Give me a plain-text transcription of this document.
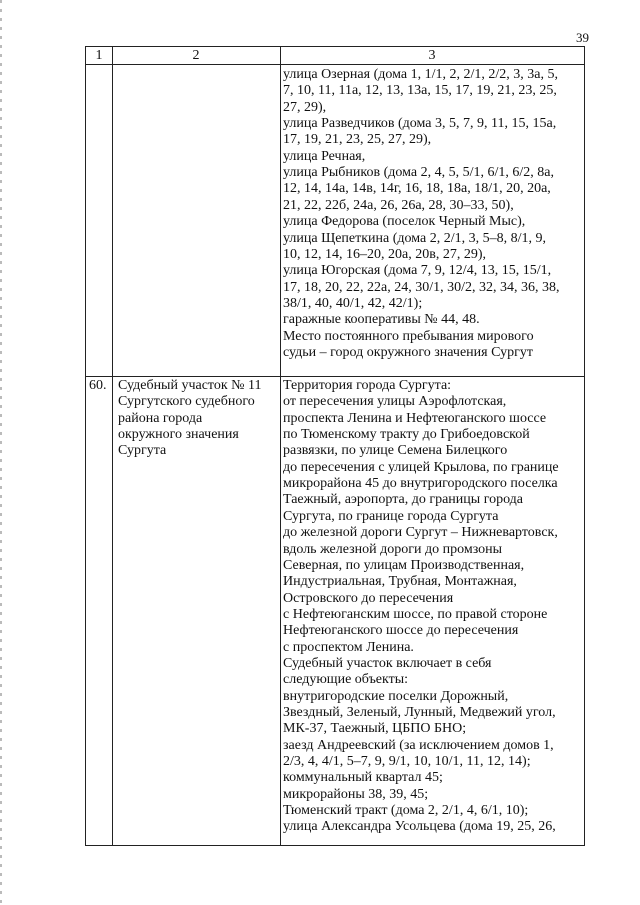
39
1	2	3
улица Озерная (дома 1, 1/1, 2, 2/1, 2/2, 3, 3а, 5,
7, 10, 11, 11а, 12, 13, 13а, 15, 17, 19, 21, 23, 25,
27, 29),
улица Разведчиков (дома 3, 5, 7, 9, 11, 15, 15а,
17, 19, 21, 23, 25, 27, 29),
улица Речная,
улица Рыбников (дома 2, 4, 5, 5/1, 6/1, 6/2, 8а,
12, 14, 14а, 14в, 14г, 16, 18, 18а, 18/1, 20, 20а,
21, 22, 22б, 24а, 26, 26а, 28, 30–33, 50),
улица Федорова (поселок Черный Мыс),
улица Щепеткина (дома 2, 2/1, 3, 5–8, 8/1, 9,
10, 12, 14, 16–20, 20а, 20в, 27, 29),
улица Югорская (дома 7, 9, 12/4, 13, 15, 15/1,
17, 18, 20, 22, 22а, 24, 30/1, 30/2, 32, 34, 36, 38,
38/1, 40, 40/1, 42, 42/1);
гаражные кооперативы № 44, 48.
Место постоянного пребывания мирового
судьи – город окружного значения Сургут
60. Судебный участок № 11
Сургутского судебного
района города
окружного значения
Сургута
Территория города Сургута:
от пересечения улицы Аэрофлотская,
проспекта Ленина и Нефтеюганского шоссе
по Тюменскому тракту до Грибоедовской
развязки, по улице Семена Билецкого
до пересечения с улицей Крылова, по границе
микрорайона 45 до внутригородского поселка
Таежный, аэропорта, до границы города
Сургута, по границе города Сургута
до железной дороги Сургут – Нижневартовск,
вдоль железной дороги до промзоны
Северная, по улицам Производственная,
Индустриальная, Трубная, Монтажная,
Островского до пересечения
с Нефтеюганским шоссе, по правой стороне
Нефтеюганского шоссе до пересечения
с проспектом Ленина.
Судебный участок включает в себя
следующие объекты:
внутригородские поселки Дорожный,
Звездный, Зеленый, Лунный, Медвежий угол,
МК-37, Таежный, ЦБПО БНО;
заезд Андреевский (за исключением домов 1,
2/3, 4, 4/1, 5–7, 9, 9/1, 10, 10/1, 11, 12, 14);
коммунальный квартал 45;
микрорайоны 38, 39, 45;
Тюменский тракт (дома 2, 2/1, 4, 6/1, 10);
улица Александра Усольцева (дома 19, 25, 26,
